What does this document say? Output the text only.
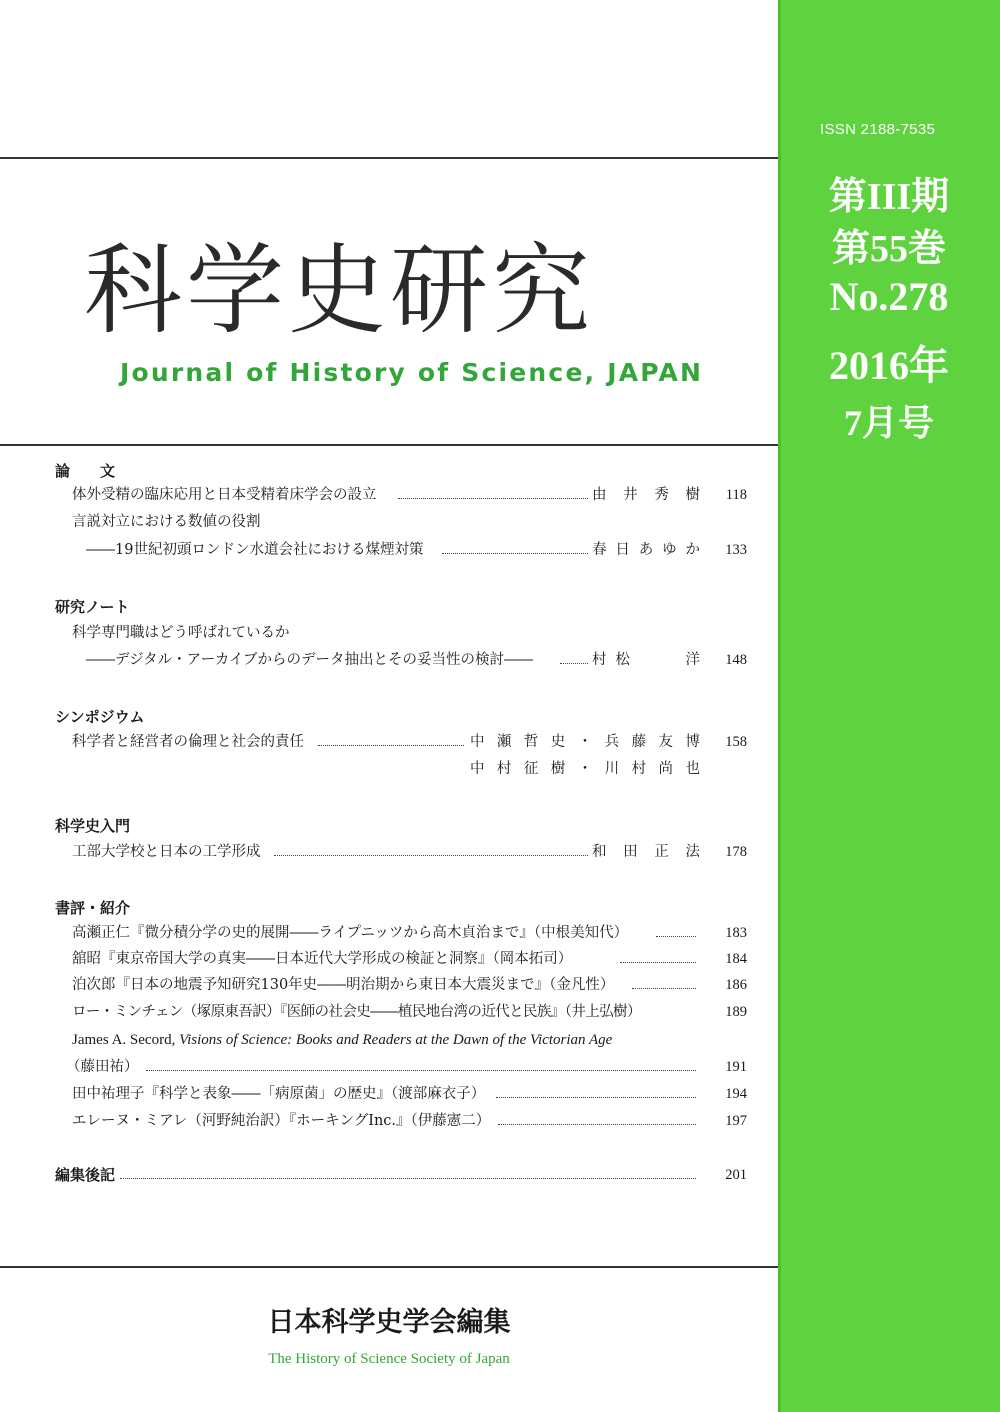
ISSN 2188-7535
第III期
第55巻
No.278
2016年
7月号
科学史研究
Journal of History of Science, JAPAN
論　　文
体外受精の臨床応用と日本受精着床学会の設立	由井秀樹	118
言説対立における数値の役割
――19世紀初頭ロンドン水道会社における煤煙対策	春日あゆか	133
研究ノート
科学専門職はどう呼ばれているか
――デジタル・アーカイブからのデータ抽出とその妥当性の検討――	村松　　洋	148
シンポジウム
科学者と経営者の倫理と社会的責任	中瀬哲史・兵藤友博	158
中村征樹・川村尚也
科学史入門
工部大学校と日本の工学形成	和田正法	178
書評・紹介
高瀬正仁『微分積分学の史的展開――ライプニッツから高木貞治まで』（中根美知代）	183
舘昭『東京帝国大学の真実――日本近代大学形成の検証と洞察』（岡本拓司）	184
泊次郎『日本の地震予知研究130年史――明治期から東日本大震災まで』（金凡性）	186
ロー・ミンチェン（塚原東吾訳）『医師の社会史――植民地台湾の近代と民族』（井上弘樹）	189
James A. Secord, Visions of Science: Books and Readers at the Dawn of the Victorian Age
（藤田祐）	191
田中祐理子『科学と表象――「病原菌」の歴史』（渡部麻衣子）	194
エレーヌ・ミアレ（河野純治訳）『ホーキングInc.』（伊藤憲二）	197
編集後記	201
日本科学史学会編集
The History of Science Society of Japan
